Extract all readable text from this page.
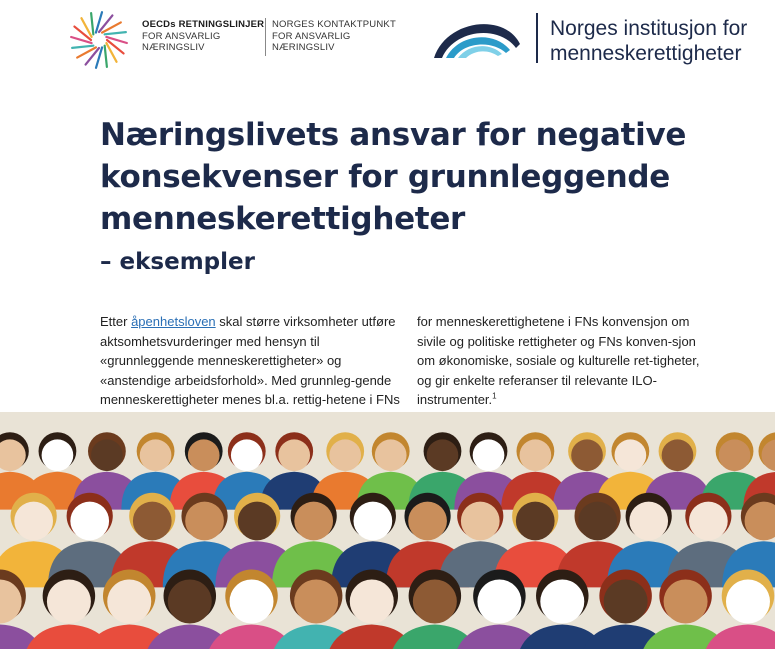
OECDs RETNINGSLINJER
FOR ANSVARLIG
NÆRINGSLIV
NORGES KONTAKTPUNKT
FOR ANSVARLIG
NÆRINGSLIV
Norges institusjon for
menneskerettigheter
Næringslivets ansvar for negative
konsekvenser for grunnleggende
menneskerettigheter
– eksempler

Etter åpenhetsloven skal større virksomheter utføre aktsomhetsvurderinger med hensyn til «grunnleggende menneskerettigheter» og «anstendige arbeidsforhold». Med grunnleg-gende menneskerettigheter menes bl.a. rettig-hetene i FNs

for menneskerettighetene i FNs konvensjon om sivile og politiske rettigheter og FNs konven-sjon om økonomiske, sosiale og kulturelle ret-tigheter, og gir enkelte referanser til relevante ILO-instrumenter.$^1$
